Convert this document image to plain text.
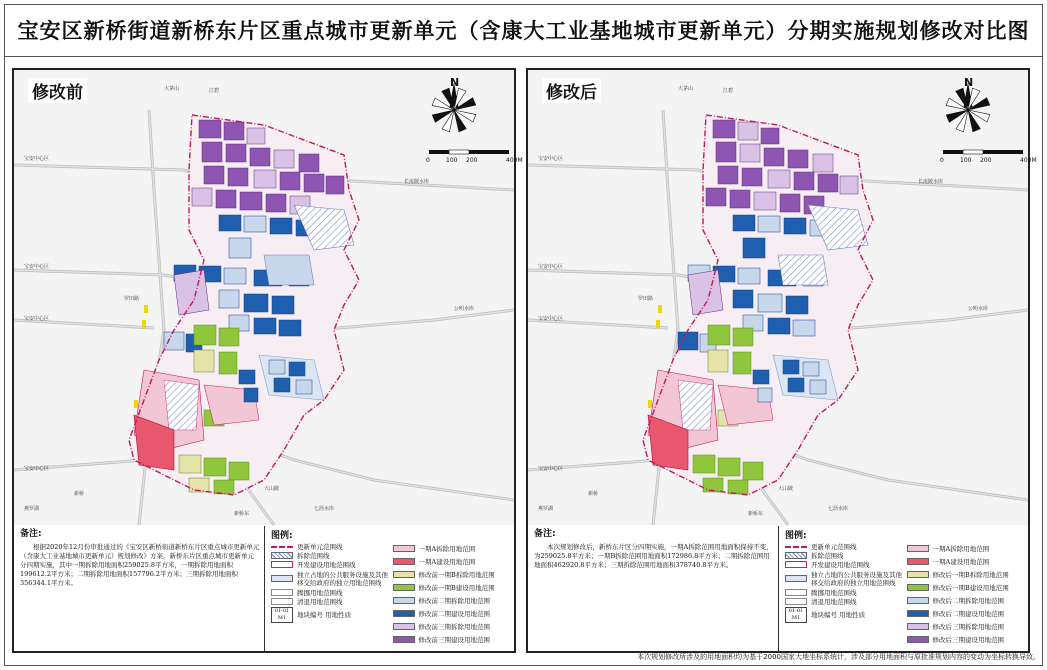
宝安区新桥街道新桥东片区重点城市更新单元（含康大工业基地城市更新单元）分期实施规划修改对比图
N
0	100 200	400M
宝安中心区
宝安中心区
宝安中心区
宝安中心区
长流陂水库
罗田路
公明水库
七沥水库
大山陂
燕罗湖
新桥东
新桥
大茅山	江碧
修改前
备注:
根据2020年12月份审批通过的《宝安区新桥街道新桥东片区重点城市更新单元（含康大工业基地城市更新单元）规划修改》方案，新桥东片区重点城市更新单元分四期实施，其中一期拆除用地面积259025.8平方米，一期拆除用地面积199612.2平方米；二期拆除用地面积157796.2平方米；三期拆除用地面积356344.1平方米。
图例:
更新单元范围线
拆除范围线
开发建设用地范围线
独立占地的公共服务设施及其他移交给政府的独立用地范围线
腾挪用地范围线
清退用地范围线
01-01
M1	地块编号 用地性质
一期A拆除用地范围
一期A建设用地范围
修改前一期B拆除用地范围
修改前一期B建设用地范围
修改前二期拆除用地范围
修改前二期建设用地范围
修改前三期拆除用地范围
修改前三期建设用地范围
N
0	100 200	400M
宝安中心区
宝安中心区
宝安中心区
宝安中心区
长流陂水库
罗田路
公明水库
七沥水库
大山陂
燕罗湖
新桥东
新桥
大茅山	江碧
修改后
备注:
本次规划修改后，新桥东片区分四期实施，一期A拆除范围用地面积保持不变，为259025.8平方米；一期B拆除范围用地面积172986.8平方米；二期拆除范围用地面积462920.8平方米；三期拆除范围用地面积378740.8平方米。
图例:
更新单元范围线
拆除范围线
开发建设用地范围线
独立占地的公共服务设施及其他移交给政府的独立用地范围线
腾挪用地范围线
清退用地范围线
01-01
M1	地块编号 用地性质
一期A拆除用地范围
一期A建设用地范围
修改后一期B拆除用地范围
修改后一期B建设用地范围
修改后二期拆除用地范围
修改后二期建设用地范围
修改后三期拆除用地范围
修改后三期建设用地范围
本次规划修改所涉及的用地面积均为基于2000国家大地坐标系统计，涉及部分用地面积与原批准规划内容的变动为坐标转换导致。
